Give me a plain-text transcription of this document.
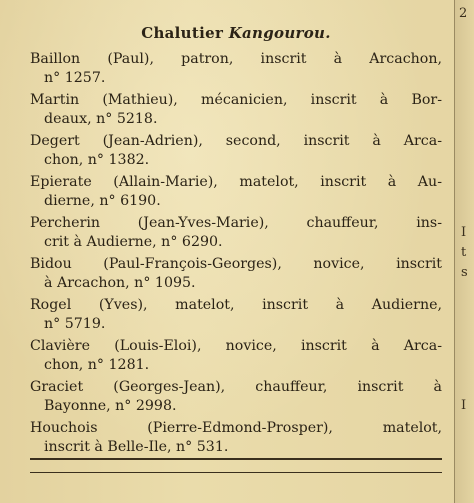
Chalutier Kangourou.
Baillon (Paul), patron, inscrit à Arcachon,
n° 1257.
Martin (Mathieu), mécanicien, inscrit à Bor-
deaux, n° 5218.
Degert (Jean-Adrien), second, inscrit à Arca-
chon, n° 1382.
Epierate (Allain-Marie), matelot, inscrit à Au-
dierne, n° 6190.
Percherin (Jean-Yves-Marie), chauffeur, ins-
crit à Audierne, n° 6290.
Bidou (Paul-François-Georges), novice, inscrit
à Arcachon, n° 1095.
Rogel (Yves), matelot, inscrit à Audierne,
n° 5719.
Clavière (Louis-Eloi), novice, inscrit à Arca-
chon, n° 1281.
Graciet (Georges-Jean), chauffeur, inscrit à
Bayonne, n° 2998.
Houchois (Pierre-Edmond-Prosper), matelot,
inscrit à Belle-Ile, n° 531.
2
I
t
s
I
